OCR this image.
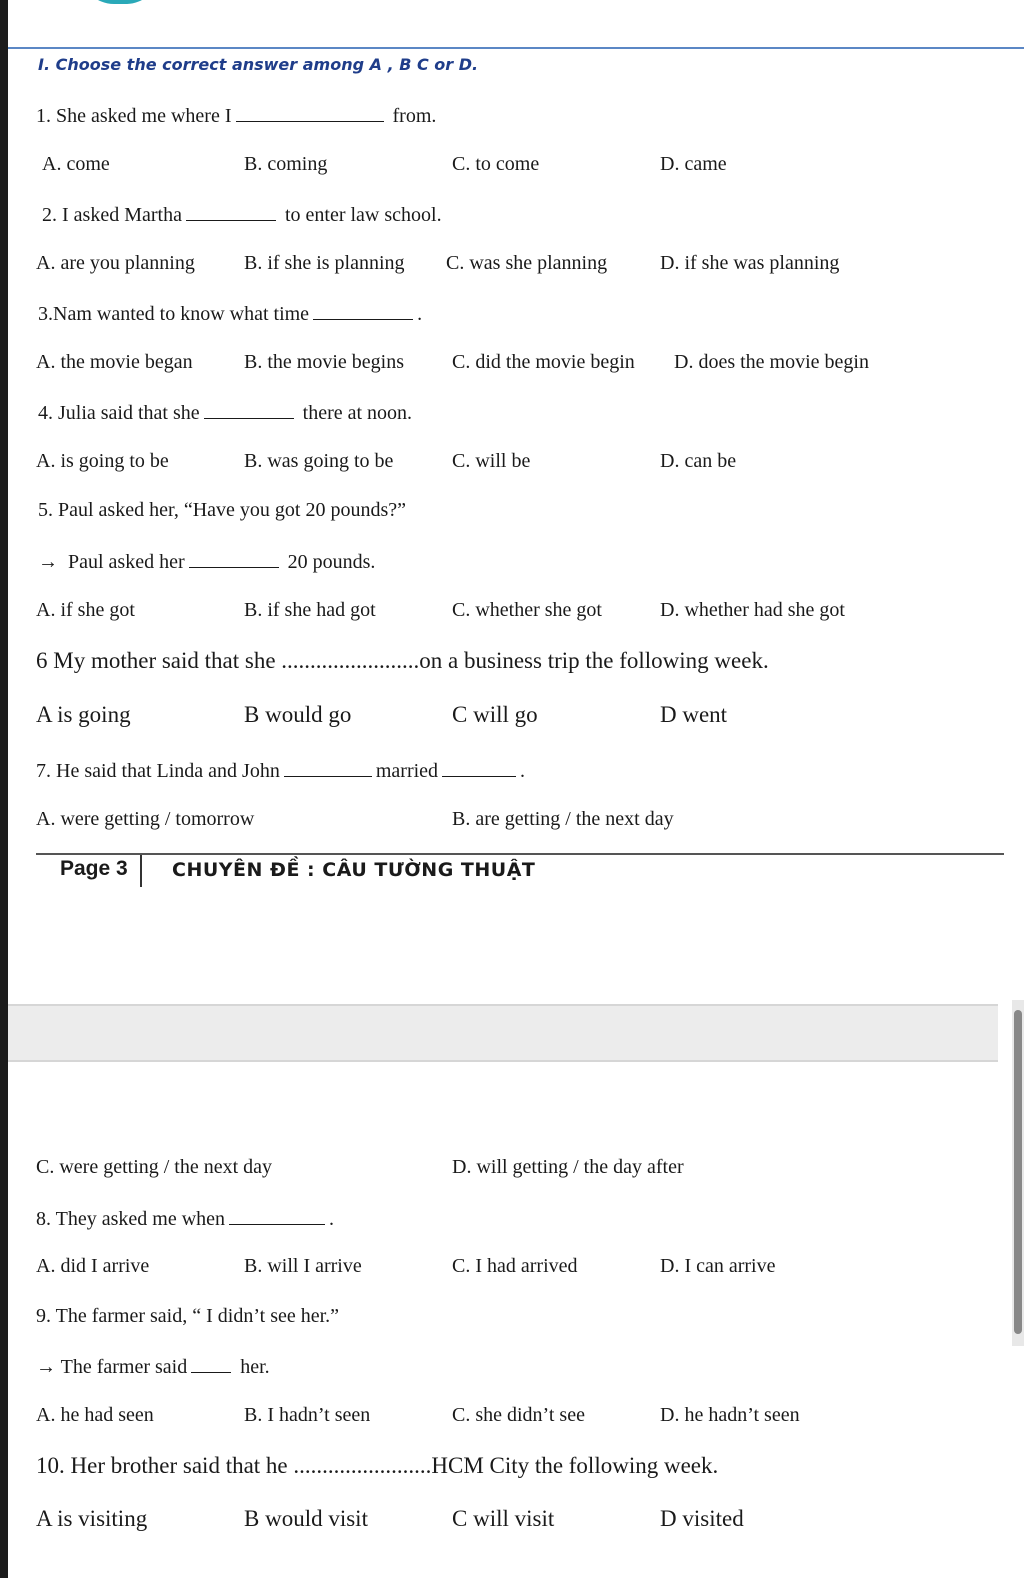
I. Choose the correct answer among A , B C or D.
1. She asked me where I	from.
A. come	B. coming	C. to come	D. came
2. I asked Martha	to enter law school.
A. are you planning B. if she is planning C. was she planning	D. if she was planning
3.Nam wanted to know what time	.
A. the movie began	B. the movie begins C. did the movie begin D. does the movie begin
4. Julia said that she	there at noon.
A. is going to be	B. was going to be	C. will be	D. can be
5. Paul asked her, “Have you got 20 pounds?”
→ Paul asked her	20 pounds.
A. if she got	B. if she had got	C. whether she got	D. whether had she got
6 My mother said that she ........................on a business trip the following week.
A is going	B would go	C will go	D went
7. He said that Linda and John	married	.
A. were getting / tomorrow	B. are getting / the next day
Page 3 CHUYÊN ĐỀ : CÂU TƯỜNG THUẬT
C. were getting / the next day	D. will getting / the day after
8. They asked me when	.
A. did I arrive	B. will I arrive	C. I had arrived	D. I can arrive
9. The farmer said, “ I didn’t see her.”
→ The farmer said	her.
A. he had seen	B. I hadn’t seen	C. she didn’t see	D. he hadn’t seen
10. Her brother said that he ........................HCM City the following week.
A is visiting	B would visit	C will visit	D visited
